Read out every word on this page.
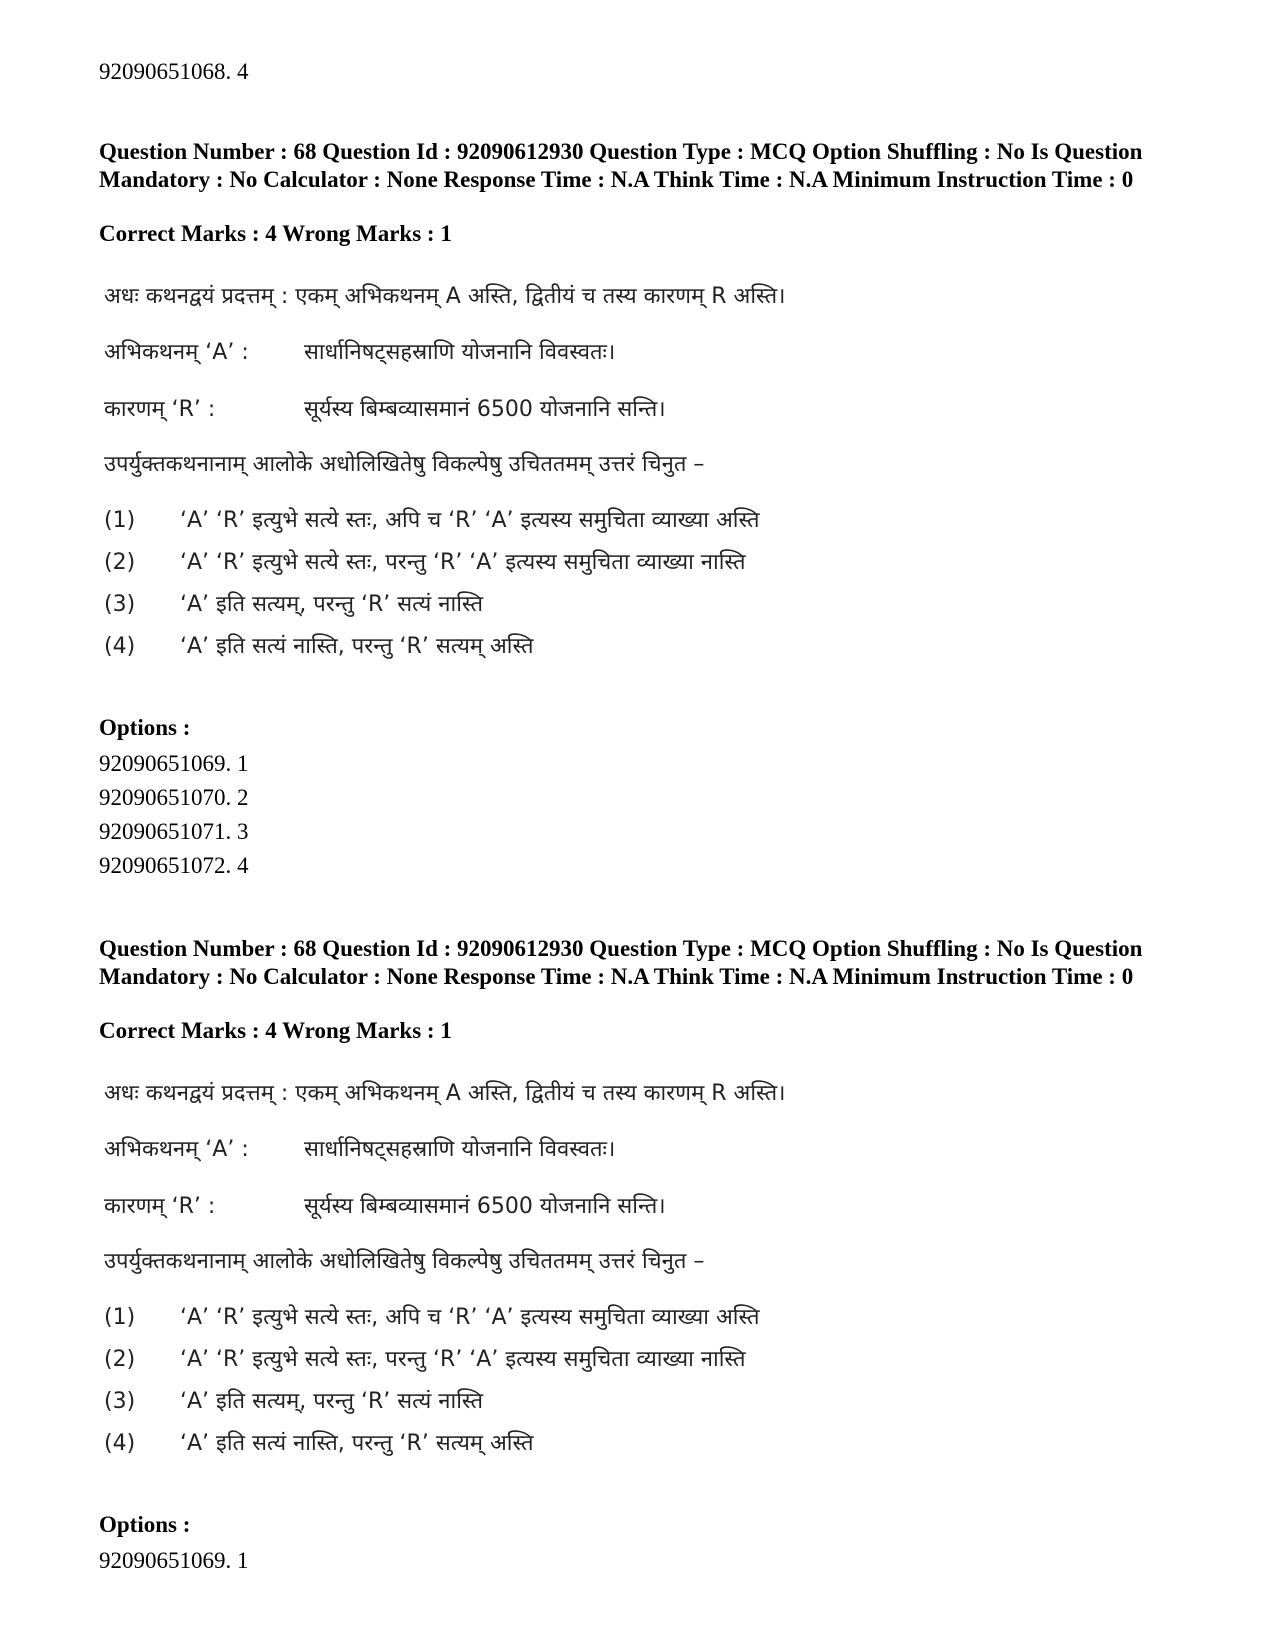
92090651068. 4
Question Number : 68 Question Id : 92090612930 Question Type : MCQ Option Shuffling : No Is Question Mandatory : No Calculator : None Response Time : N.A Think Time : N.A Minimum Instruction Time : 0
Correct Marks : 4 Wrong Marks : 1
अधः कथनद्वयं प्रदत्तम् : एकम् अभिकथनम् A अस्ति, द्वितीयं च तस्य कारणम् R अस्ति।
अभिकथनम् ‘A’ :	सार्धानिषट्सहस्राणि योजनानि विवस्वतः।
कारणम् ‘R’ :	सूर्यस्य बिम्बव्यासमानं 6500 योजनानि सन्ति।
उपर्युक्तकथनानाम् आलोके अधोलिखितेषु विकल्पेषु उचिततमम् उत्तरं चिनुत –
(1) ‘A’ ‘R’ इत्युभे सत्ये स्तः, अपि च ‘R’ ‘A’ इत्यस्य समुचिता व्याख्या अस्ति
(2) ‘A’ ‘R’ इत्युभे सत्ये स्तः, परन्तु ‘R’ ‘A’ इत्यस्य समुचिता व्याख्या नास्ति
(3) ‘A’ इति सत्यम्, परन्तु ‘R’ सत्यं नास्ति
(4) ‘A’ इति सत्यं नास्ति, परन्तु ‘R’ सत्यम् अस्ति
Options :
92090651069. 1
92090651070. 2
92090651071. 3
92090651072. 4
Question Number : 68 Question Id : 92090612930 Question Type : MCQ Option Shuffling : No Is Question Mandatory : No Calculator : None Response Time : N.A Think Time : N.A Minimum Instruction Time : 0
Correct Marks : 4 Wrong Marks : 1
अधः कथनद्वयं प्रदत्तम् : एकम् अभिकथनम् A अस्ति, द्वितीयं च तस्य कारणम् R अस्ति।
अभिकथनम् ‘A’ :	सार्धानिषट्सहस्राणि योजनानि विवस्वतः।
कारणम् ‘R’ :	सूर्यस्य बिम्बव्यासमानं 6500 योजनानि सन्ति।
उपर्युक्तकथनानाम् आलोके अधोलिखितेषु विकल्पेषु उचिततमम् उत्तरं चिनुत –
(1) ‘A’ ‘R’ इत्युभे सत्ये स्तः, अपि च ‘R’ ‘A’ इत्यस्य समुचिता व्याख्या अस्ति
(2) ‘A’ ‘R’ इत्युभे सत्ये स्तः, परन्तु ‘R’ ‘A’ इत्यस्य समुचिता व्याख्या नास्ति
(3) ‘A’ इति सत्यम्, परन्तु ‘R’ सत्यं नास्ति
(4) ‘A’ इति सत्यं नास्ति, परन्तु ‘R’ सत्यम् अस्ति
Options :
92090651069. 1
